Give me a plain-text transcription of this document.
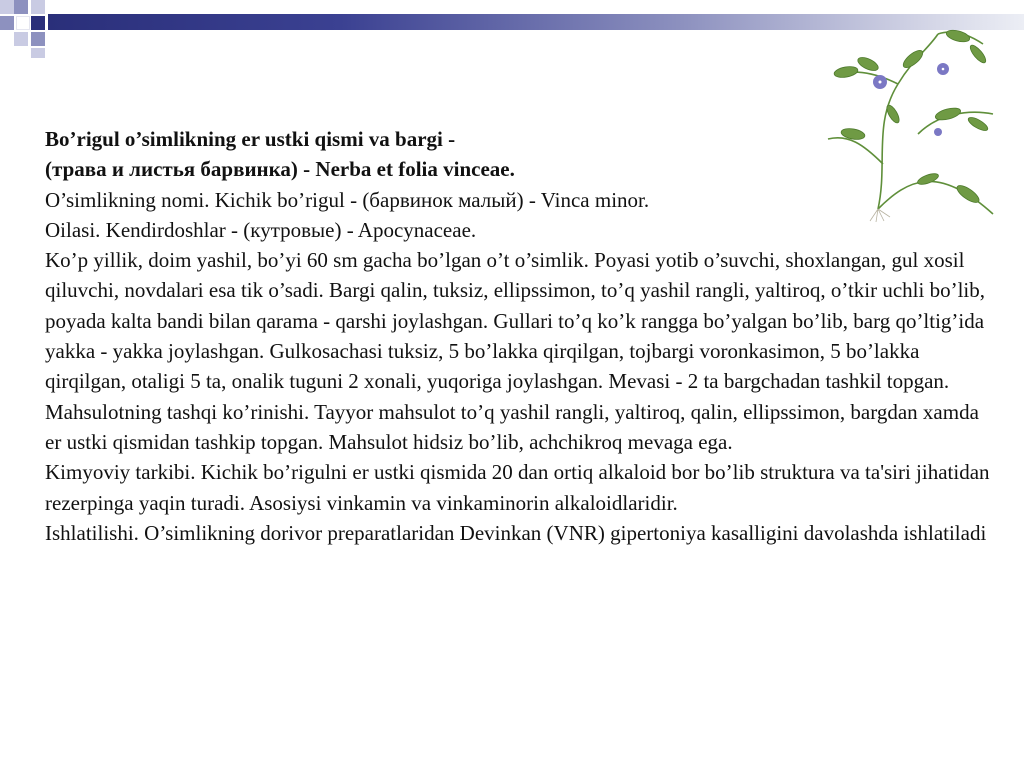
Bo’rigul o’simlikning er ustki qismi va bargi -

(трава и листья барвинка) - Nerba et folia vinceae.

O’simlikning nomi. Kichik bo’rigul - (барвинок малый) - Vinca minor.

Oilasi. Kendirdoshlar - (кутровые) - Apocynaceae.

Ko’p yillik, doim yashil, bo’yi 60 sm gacha bo’lgan o’t o’simlik. Poyasi yotib o’suvchi, shoxlangan, gul xosil qiluvchi, novdalari esa tik o’sadi. Bargi qalin, tuksiz, ellipssimon, to’q yashil rangli, yaltiroq, o’tkir uchli bo’lib, poyada kalta bandi bilan qarama - qarshi joylashgan. Gullari to’q ko’k rangga bo’yalgan bo’lib, barg qo’ltig’ida yakka - yakka joylashgan. Gulkosachasi tuksiz, 5 bo’lakka qirqilgan, tojbargi voronkasimon, 5 bo’lakka qirqilgan, otaligi 5 ta, onalik tuguni 2 xonali, yuqoriga joylashgan. Mevasi - 2 ta bargchadan tashkil topgan.

Mahsulotning tashqi ko’rinishi. Tayyor mahsulot to’q yashil rangli, yaltiroq, qalin, ellipssimon, bargdan xamda er ustki qismidan tashkip topgan. Mahsulot hidsiz bo’lib, achchikroq mevaga ega.

Kimyoviy tarkibi. Kichik bo’rigulni er ustki qismida 20 dan ortiq alkaloid bor bo’lib struktura va ta'siri jihatidan rezerpinga yaqin turadi. Asosiysi vinkamin va vinkaminorin alkaloidlaridir.

Ishlatilishi. O’simlikning dorivor preparatlaridan Devinkan (VNR) gipertoniya kasalligini davolashda ishlatiladi
